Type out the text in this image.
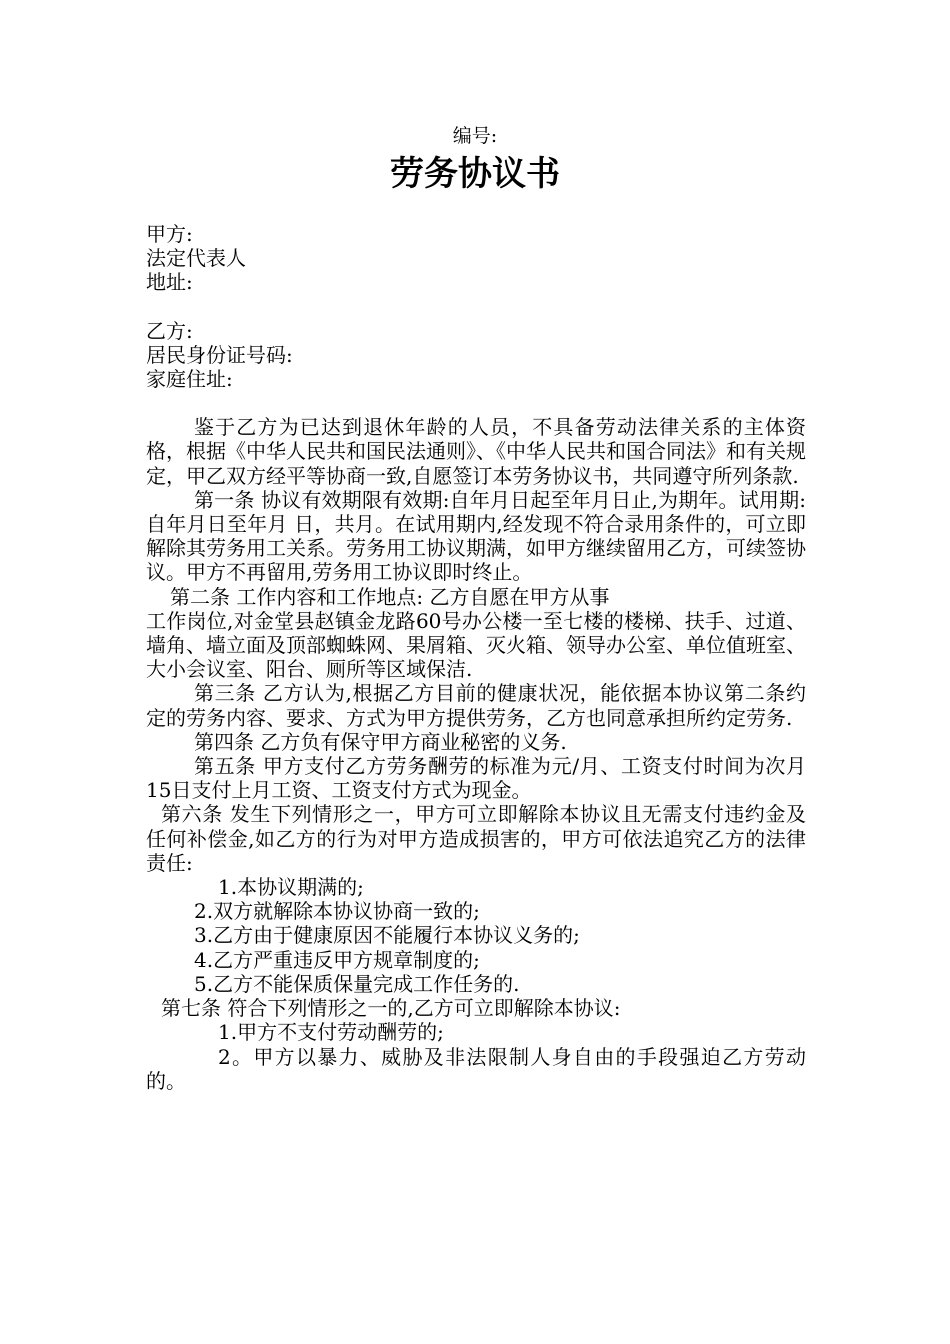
编号:
劳务协议书

甲方:

法定代表人

地址:

乙方:

居民身份证号码:

家庭住址:

鉴于乙方为已达到退休年龄的人员，不具备劳动法律关系的主体资格，根据《中华人民共和国民法通则》、《中华人民共和国合同法》和有关规定，甲乙双方经平等协商一致,自愿签订本劳务协议书，共同遵守所列条款.

第一条 协议有效期限有效期:自年月日起至年月日止,为期年。试用期: 自年月日至年月 日，共月。在试用期内,经发现不符合录用条件的，可立即解除其劳务用工关系。劳务用工协议期满，如甲方继续留用乙方，可续签协议。甲方不再留用,劳务用工协议即时终止。

第二条 工作内容和工作地点: 乙方自愿在甲方从事

工作岗位,对金堂县赵镇金龙路60号办公楼一至七楼的楼梯、扶手、过道、墙角、墙立面及顶部蜘蛛网、果屑箱、灭火箱、领导办公室、单位值班室、大小会议室、阳台、厕所等区域保洁.

第三条 乙方认为,根据乙方目前的健康状况，能依据本协议第二条约定的劳务内容、要求、方式为甲方提供劳务，乙方也同意承担所约定劳务.

第四条 乙方负有保守甲方商业秘密的义务.

第五条 甲方支付乙方劳务酬劳的标准为元/月、工资支付时间为次月15日支付上月工资、工资支付方式为现金。

第六条 发生下列情形之一，甲方可立即解除本协议且无需支付违约金及任何补偿金,如乙方的行为对甲方造成损害的，甲方可依法追究乙方的法律责任:

1.本协议期满的;

2.双方就解除本协议协商一致的;

3.乙方由于健康原因不能履行本协议义务的;

4.乙方严重违反甲方规章制度的;

5.乙方不能保质保量完成工作任务的.

第七条 符合下列情形之一的,乙方可立即解除本协议:

1.甲方不支付劳动酬劳的;

2。甲方以暴力、威胁及非法限制人身自由的手段强迫乙方劳动的。
